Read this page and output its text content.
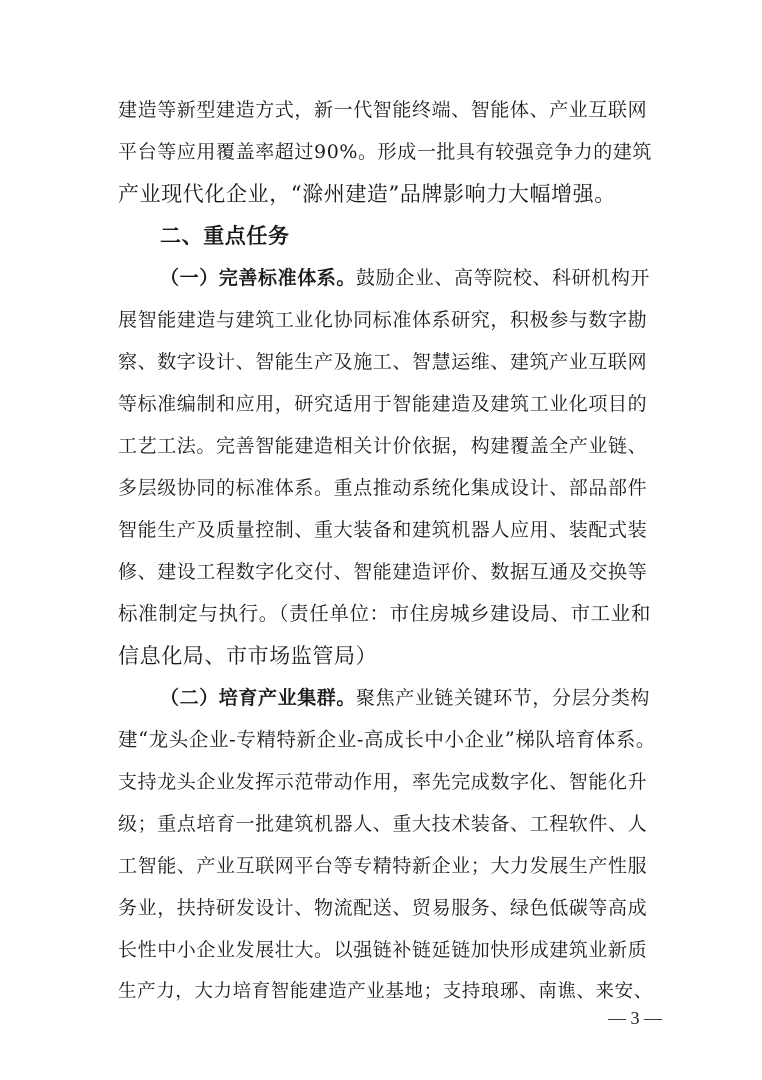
建造等新型建造方式，新一代智能终端、智能体、产业互联网
平台等应用覆盖率超过90%。形成一批具有较强竞争力的建筑
产业现代化企业，“滁州建造”品牌影响力大幅增强。
二、重点任务
（一）完善标准体系。鼓励企业、高等院校、科研机构开
展智能建造与建筑工业化协同标准体系研究，积极参与数字勘
察、数字设计、智能生产及施工、智慧运维、建筑产业互联网
等标准编制和应用，研究适用于智能建造及建筑工业化项目的
工艺工法。完善智能建造相关计价依据，构建覆盖全产业链、
多层级协同的标准体系。重点推动系统化集成设计、部品部件
智能生产及质量控制、重大装备和建筑机器人应用、装配式装
修、建设工程数字化交付、智能建造评价、数据互通及交换等
标准制定与执行。（责任单位：市住房城乡建设局、市工业和
信息化局、市市场监管局）
（二）培育产业集群。聚焦产业链关键环节，分层分类构
建“龙头企业-专精特新企业-高成长中小企业”梯队培育体系。
支持龙头企业发挥示范带动作用，率先完成数字化、智能化升
级；重点培育一批建筑机器人、重大技术装备、工程软件、人
工智能、产业互联网平台等专精特新企业；大力发展生产性服
务业，扶持研发设计、物流配送、贸易服务、绿色低碳等高成
长性中小企业发展壮大。以强链补链延链加快形成建筑业新质
生产力，大力培育智能建造产业基地；支持琅琊、南谯、来安、
— 3 —
